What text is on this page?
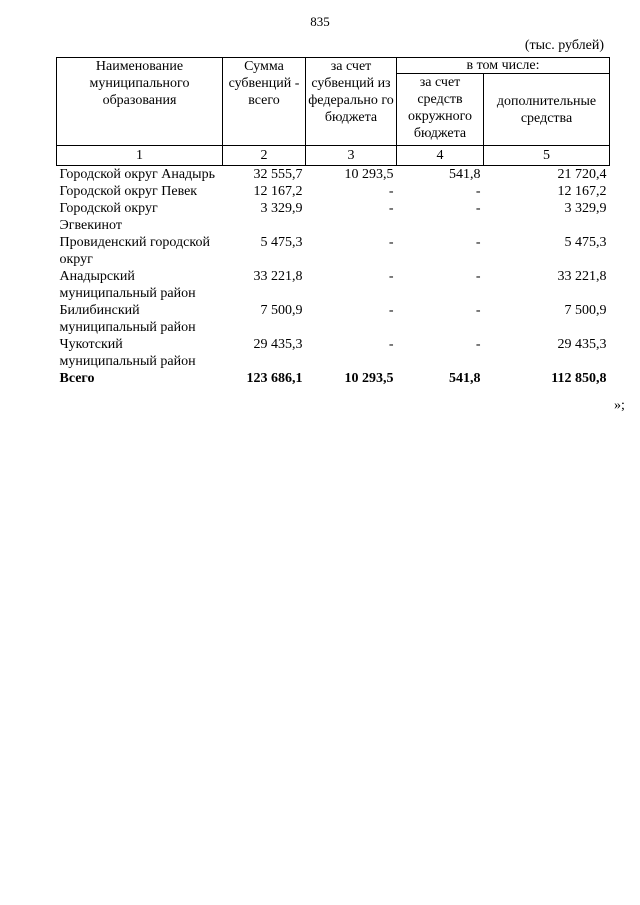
835
(тыс. рублей)
Наименование муниципального образования	Сумма субвенций - всего	за счет субвенций из федерально го бюджета	в том числе:	
			за счет средств окружного бюджета	дополнительные средства
1	2	3	4	5
Городской округ Анадырь	32 555,7	10 293,5	541,8	21 720,4
Городской округ Певек	12 167,2	-	-	12 167,2
Городской округ Эгвекинот	3 329,9	-	-	3 329,9
Провиденский городской округ	5 475,3	-	-	5 475,3
Анадырский муниципальный район	33 221,8	-	-	33 221,8
Билибинский муниципальный район	7 500,9	-	-	7 500,9
Чукотский муниципальный район	29 435,3	-	-	29 435,3
Всего	123 686,1	10 293,5	541,8	112 850,8
»;
